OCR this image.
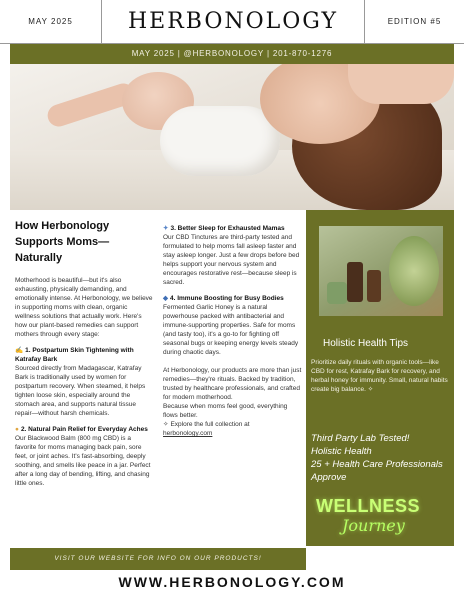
MAY 2025	HERBONOLOGY	EDITION #5
MAY 2025 | @HERBONOLOGY | 201-870-1276
How Herbonology Supports Moms—Naturally

Motherhood is beautiful—but it's also exhausting, physically demanding, and emotionally intense. At Herbonology, we believe in supporting moms with clean, organic wellness solutions that actually work. Here's how our plant-based remedies can support mothers through every stage:

✍ 1. Postpartum Skin Tightening with Katrafay Bark

Sourced directly from Madagascar, Katrafay Bark is traditionally used by women for postpartum recovery. When steamed, it helps tighten loose skin, especially around the stomach area, and supports natural tissue repair—without harsh chemicals.

● 2. Natural Pain Relief for Everyday Aches

Our Blackwood Balm (800 mg CBD) is a favorite for moms managing back pain, sore feet, or joint aches. It's fast-absorbing, deeply soothing, and smells like peace in a jar. Perfect after a long day of bending, lifting, and chasing little ones.

✦ 3. Better Sleep for Exhausted Mamas

Our CBD Tinctures are third-party tested and formulated to help moms fall asleep faster and stay asleep longer. Just a few drops before bed helps support your nervous system and encourages restorative rest—because sleep is sacred.

◆ 4. Immune Boosting for Busy Bodies

Fermented Garlic Honey is a natural powerhouse packed with antibacterial and immune-supporting properties. Safe for moms (and tasty too), it's a go-to for fighting off seasonal bugs or keeping energy levels steady during chaotic days.

At Herbonology, our products are more than just remedies—they're rituals. Backed by tradition, trusted by healthcare professionals, and crafted for modern motherhood.

Because when moms feel good, everything flows better.

✧ Explore the full collection at
herbonology.com

Holistic Health Tips
Prioritize daily rituals with organic tools—like CBD for rest, Katrafay Bark for recovery, and herbal honey for immunity. Small, natural habits create big balance. ✧
Third Party Lab Tested!
Holistic Health
25 + Health Care Professionals Approve
WELLNESS
Journey
VISIT OUR WEBSITE FOR INFO ON OUR PRODUCTS!
WWW.HERBONOLOGY.COM
